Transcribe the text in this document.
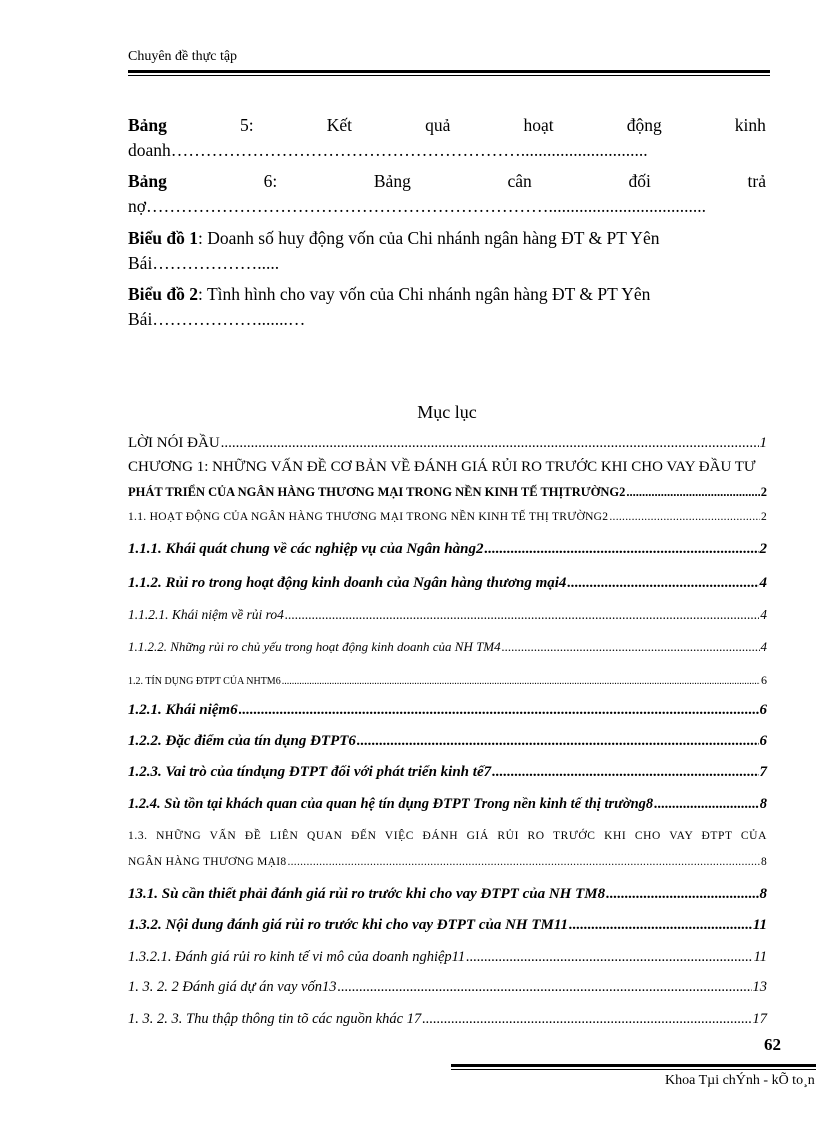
Chuyên đề thực tập
Bảng	5:	Kết	quả	hoạt	động	kinh
doanh…………………………………………………….............................
Bảng	6:	Bảng	cân	đối	trả
nợ……………………………………………………………....................................
Biểu đồ 1 : Doanh số huy động vốn của Chi nhánh ngân hàng ĐT & PT Yên
Bái……………….....
Biểu đồ 2 : Tình hình cho vay vốn của Chi nhánh ngân hàng ĐT & PT Yên
Bái……………….......…
Mục lục
LỜI NÓI ĐẦU .....	1
CHƯƠNG 1: NHỮNG VẤN ĐỀ CƠ BẢN VỀ ĐÁNH GIÁ RỦI RO TRƯỚC KHI CHO VAY ĐẦU TƯ
PHÁT TRIỂN CỦA NGÂN HÀNG THƯƠNG MẠI TRONG NỀN KINH TẾ THỊTRƯỜNG2 .....	2
1.1. HOẠT ĐỘNG CỦA NGÂN HÀNG THƯƠNG MẠI TRONG NỀN KINH TẾ THỊ TRƯỜNG2 .....	2
1.1.1. Khái quát chung về các nghiệp vụ của Ngân hàng2 .....	2
1.1.2. Rủi ro trong hoạt động kinh doanh của Ngân hàng thương mại4 .....	4
1.1.2.1. Khái niệm về rủi ro4 .....	4
1.1.2.2. Những rủi ro chủ yếu trong hoạt động kinh doanh của NH TM4 .....	4
1.2. TÍN DỤNG ĐTPT CỦA NHTM6 .....	6
1.2.1. Khái niệm6 .....	6
1.2.2. Đặc điểm của tín dụng ĐTPT6 .....	6
1.2.3. Vai trò của tíndụng ĐTPT đối với phát triển kinh tế7 .....	7
1.2.4. Sù tồn tại khách quan của quan hệ tín dụng ĐTPT Trong nền kinh tế thị trường8 .....	8
1.3. NHỮNG VẤN ĐỀ LIÊN QUAN ĐẾN VIỆC ĐÁNH GIÁ RỦI RO TRƯỚC KHI CHO VAY ĐTPT CỦA
NGÂN HÀNG THƯƠNG MẠI8 .....	8
13.1. Sù cần thiết phải đánh giá rủi ro trước khi cho vay ĐTPT của NH TM8 .....	8
1.3.2. Nội dung đánh giá rủi ro trước khi cho vay ĐTPT của NH TM11 .....	11
1.3.2.1. Đánh giá rủi ro kinh tế vi mô của doanh nghiệp11 .....	11
1. 3. 2. 2 Đánh giá dự án vay vốn13 .....	13
1. 3. 2. 3. Thu thập thông tin tõ các nguồn khác 17 .....	17
62
Khoa Tµi chÝnh - kÕ to¸n
